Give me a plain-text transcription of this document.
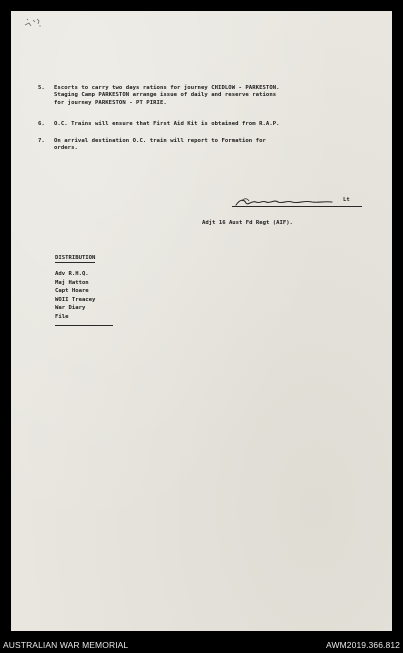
5. Escorts to carry two days rations for journey CHIDLOW - PARKESTON.
Staging Camp PARKESTON arrange issue of daily and reserve rations
for journey PARKESTON - PT PIRIE.
6. O.C. Trains will ensure that First Aid Kit is obtained from R.A.P.
7. On arrival destination O.C. train will report to Formation for
orders.
Lt
Adjt 16 Aust Fd Regt (AIF).
DISTRIBUTION
Adv R.H.Q.
Maj Hatton
Capt Hoare
WOII Treacey
War Diary
File
AUSTRALIAN WAR MEMORIAL	AWM2019.366.812
